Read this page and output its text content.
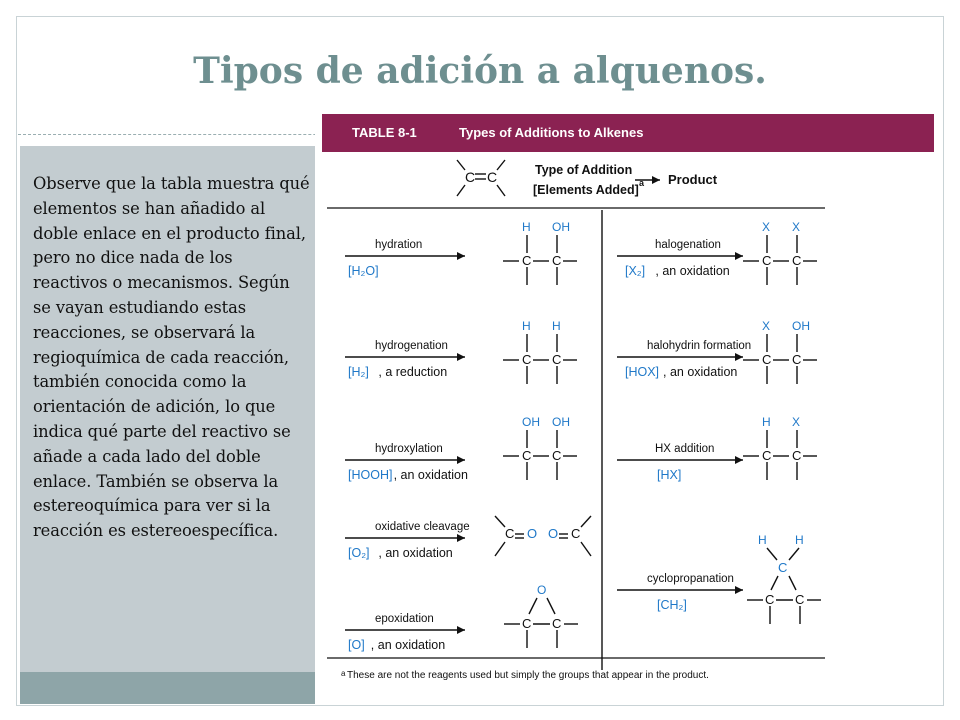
Tipos de adición a alquenos.

Observe que la tabla muestra qué elementos se han añadido al doble enlace en el producto final, pero no dice nada de los reactivos o mecanismos. Según se vayan estudiando estas reacciones, se observará la regioquímica de cada reacción, también conocida como la orientación de adición, lo que indica qué parte del reactivo se añade a cada lado del doble enlace. También se observa la estereoquímica para ver si la reacción es estereoespecífica.

TABLE 8-1	Types of Additions to Alkenes
C C	Type of Addition
[Elements Added] a Product
a These are not the reagents used but simply the groups that appear in the product.
hydration
[H₂O]
hydrogenation
[H₂] , a reduction
hydroxylation
[HOOH] , an oxidation
oxidative cleavage
[O₂] , an oxidation
epoxidation
[O] , an oxidation
C C
H OH
C C
H H
C C
OH OH
C O O C
O
C C
halogenation
[X₂] , an oxidation
halohydrin formation
[HOX] , an oxidation
HX addition
[HX]
cyclopropanation
[CH₂]
C C
X X
C C
X OH
C C
H X
H H
C
C C
